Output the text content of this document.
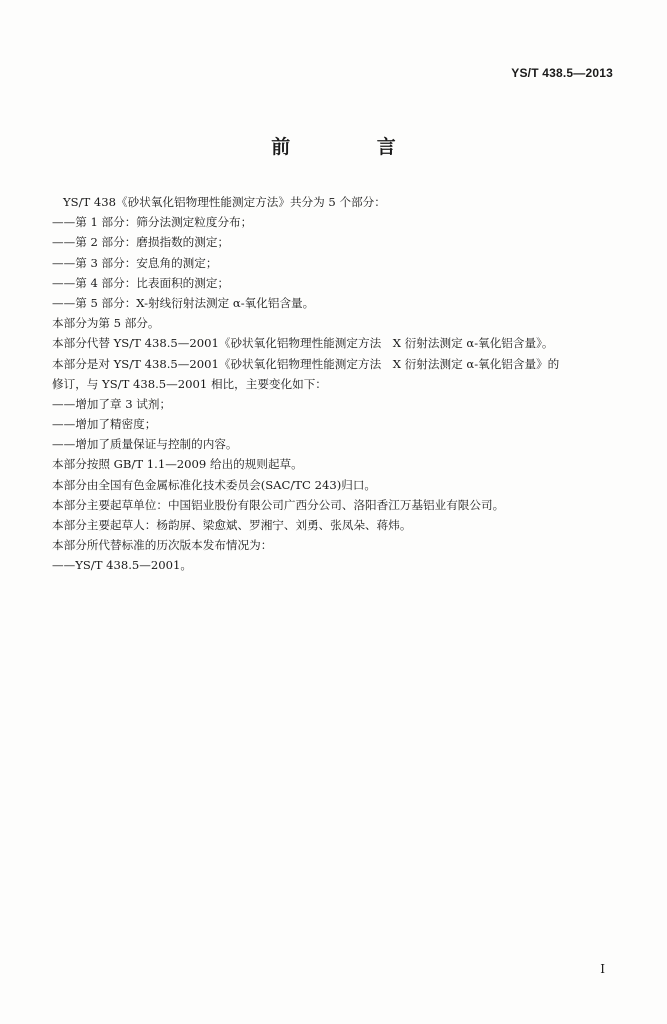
YS/T 438.5—2013
前 言
YS/T 438《砂状氧化铝物理性能测定方法》共分为 5 个部分：
——第 1 部分：筛分法测定粒度分布；
——第 2 部分：磨损指数的测定；
——第 3 部分：安息角的测定；
——第 4 部分：比表面积的测定；
——第 5 部分：X-射线衍射法测定 α-氧化铝含量。
本部分为第 5 部分。
本部分代替 YS/T 438.5—2001《砂状氧化铝物理性能测定方法　X 衍射法测定 α-氧化铝含量》。
本部分是对 YS/T 438.5—2001《砂状氧化铝物理性能测定方法　X 衍射法测定 α-氧化铝含量》的
修订，与 YS/T 438.5—2001 相比，主要变化如下：
——增加了章 3 试剂；
——增加了精密度；
——增加了质量保证与控制的内容。
本部分按照 GB/T 1.1—2009 给出的规则起草。
本部分由全国有色金属标准化技术委员会(SAC/TC 243)归口。
本部分主要起草单位：中国铝业股份有限公司广西分公司、洛阳香江万基铝业有限公司。
本部分主要起草人：杨韵屏、梁愈斌、罗湘宁、刘勇、张凤朵、蒋炜。
本部分所代替标准的历次版本发布情况为：
——YS/T 438.5—2001。
I
